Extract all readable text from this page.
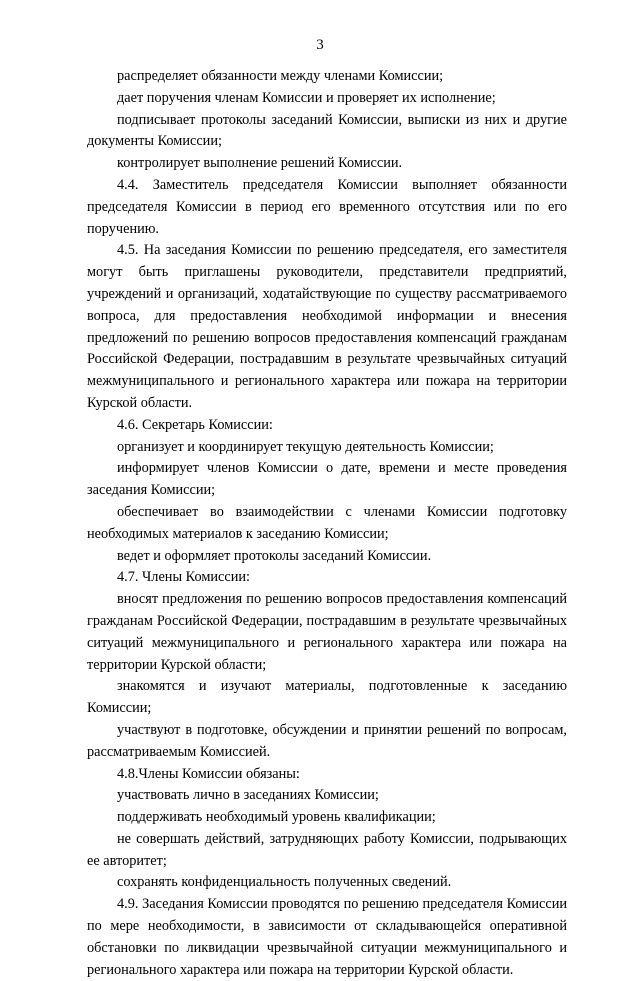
3

распределяет обязанности между членами Комиссии;

дает поручения членам Комиссии и проверяет их исполнение;

подписывает протоколы заседаний Комиссии, выписки из них и другие документы Комиссии;

контролирует выполнение решений Комиссии.

4.4. Заместитель председателя Комиссии выполняет обязанности председателя Комиссии в период его временного отсутствия или по его поручению.

4.5. На заседания Комиссии по решению председателя, его заместителя могут быть приглашены руководители, представители предприятий, учреждений и организаций, ходатайствующие по существу рассматриваемого вопроса, для предоставления необходимой информации и внесения предложений по решению вопросов предоставления компенсаций гражданам Российской Федерации, пострадавшим в результате чрезвычайных ситуаций межмуниципального и регионального характера или пожара на территории Курской области.

4.6. Секретарь Комиссии:

организует и координирует текущую деятельность Комиссии;

информирует членов Комиссии о дате, времени и месте проведения заседания Комиссии;

обеспечивает во взаимодействии с членами Комиссии подготовку необходимых материалов к заседанию Комиссии;

ведет и оформляет протоколы заседаний Комиссии.

4.7. Члены Комиссии:

вносят предложения по решению вопросов предоставления компенсаций гражданам Российской Федерации, пострадавшим в результате чрезвычайных ситуаций межмуниципального и регионального характера или пожара на территории Курской области;

знакомятся и изучают материалы, подготовленные к заседанию Комиссии;

участвуют в подготовке, обсуждении и принятии решений по вопросам, рассматриваемым Комиссией.

4.8.Члены Комиссии обязаны:

участвовать лично в заседаниях Комиссии;

поддерживать необходимый уровень квалификации;

не совершать действий, затрудняющих работу Комиссии, подрывающих ее авторитет;

сохранять конфиденциальность полученных сведений.

4.9. Заседания Комиссии проводятся по решению председателя Комиссии по мере необходимости, в зависимости от складывающейся оперативной обстановки по ликвидации чрезвычайной ситуации межмуниципального и регионального характера или пожара на территории Курской области.
